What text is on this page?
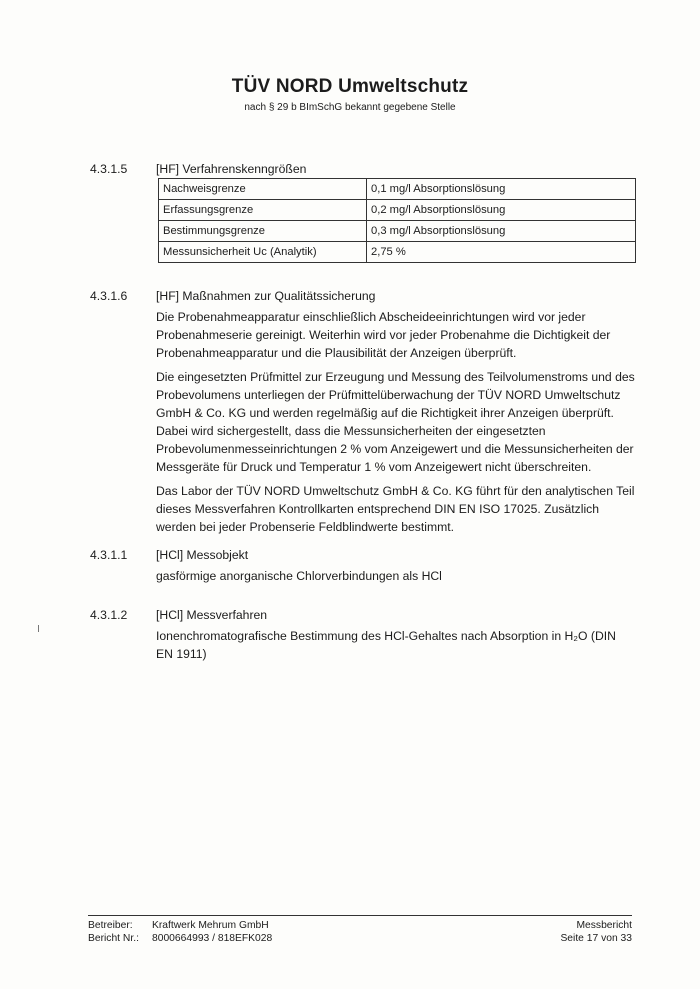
TÜV NORD Umweltschutz
nach § 29 b BImSchG bekannt gegebene Stelle
4.3.1.5 [HF] Verfahrenskenngrößen
Nachweisgrenze	0,1 mg/l Absorptionslösung
Erfassungsgrenze	0,2 mg/l Absorptionslösung
Bestimmungsgrenze	0,3 mg/l Absorptionslösung
Messunsicherheit Uc (Analytik)	2,75 %
4.3.1.6 [HF] Maßnahmen zur Qualitätssicherung

Die Probenahmeapparatur einschließlich Abscheideeinrichtungen wird vor jeder Probenahmeserie gereinigt. Weiterhin wird vor jeder Probenahme die Dichtigkeit der Probenahmeapparatur und die Plausibilität der Anzeigen überprüft.

Die eingesetzten Prüfmittel zur Erzeugung und Messung des Teilvolumenstroms und des Probevolumens unterliegen der Prüfmittelüberwachung der TÜV NORD Umweltschutz GmbH & Co. KG und werden regelmäßig auf die Richtigkeit ihrer Anzeigen überprüft. Dabei wird sichergestellt, dass die Messunsicherheiten der eingesetzten Probevolumenmesseinrichtungen 2 % vom Anzeigewert und die Messunsicherheiten der Messgeräte für Druck und Temperatur 1 % vom Anzeigewert nicht überschreiten.

Das Labor der TÜV NORD Umweltschutz GmbH & Co. KG führt für den analytischen Teil dieses Messverfahren Kontrollkarten entsprechend DIN EN ISO 17025. Zusätzlich werden bei jeder Probenserie Feldblindwerte bestimmt.

4.3.1.1 [HCl] Messobjekt

gasförmige anorganische Chlorverbindungen als HCl

4.3.1.2 [HCl] Messverfahren

Ionenchromatografische Bestimmung des HCl-Gehaltes nach Absorption in H₂O (DIN EN 1911)

Betreiber: Kraftwerk Mehrum GmbH	Messbericht
Bericht Nr.: 8000664993 / 818EFK028	Seite 17 von 33
